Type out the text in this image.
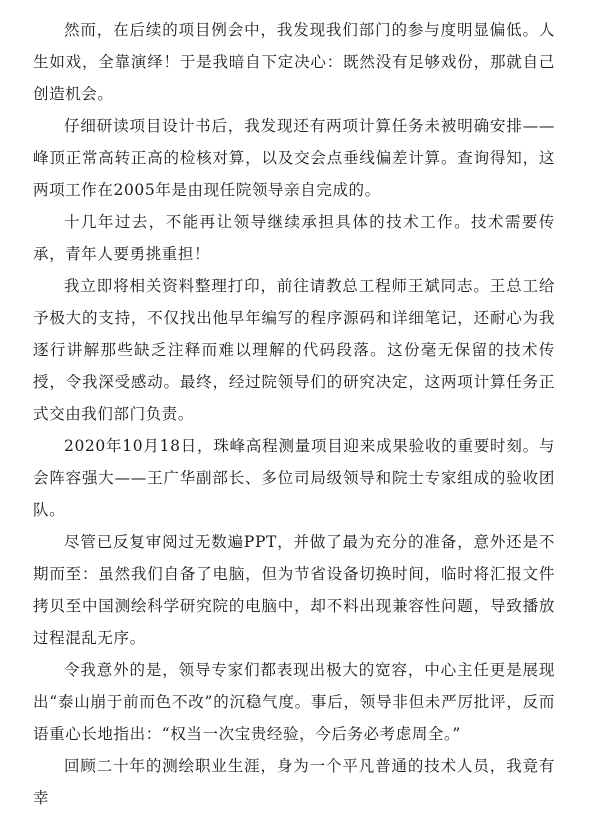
然而，在后续的项目例会中，我发现我们部门的参与度明显偏低。人生如戏，全靠演绎！于是我暗自下定决心：既然没有足够戏份，那就自己创造机会。

仔细研读项目设计书后，我发现还有两项计算任务未被明确安排——峰顶正常高转正高的检核对算，以及交会点垂线偏差计算。查询得知，这两项工作在2005年是由现任院领导亲自完成的。

十几年过去，不能再让领导继续承担具体的技术工作。技术需要传承，青年人要勇挑重担！

我立即将相关资料整理打印，前往请教总工程师王斌同志。王总工给予极大的支持，不仅找出他早年编写的程序源码和详细笔记，还耐心为我逐行讲解那些缺乏注释而难以理解的代码段落。这份毫无保留的技术传授，令我深受感动。最终，经过院领导们的研究决定，这两项计算任务正式交由我们部门负责。

2020年10月18日，珠峰高程测量项目迎来成果验收的重要时刻。与会阵容强大——王广华副部长、多位司局级领导和院士专家组成的验收团队。

尽管已反复审阅过无数遍PPT，并做了最为充分的准备，意外还是不期而至：虽然我们自备了电脑，但为节省设备切换时间，临时将汇报文件拷贝至中国测绘科学研究院的电脑中，却不料出现兼容性问题，导致播放过程混乱无序。

令我意外的是，领导专家们都表现出极大的宽容，中心主任更是展现出“泰山崩于前而色不改”的沉稳气度。事后，领导非但未严厉批评，反而语重心长地指出：“权当一次宝贵经验，今后务必考虑周全。”

回顾二十年的测绘职业生涯，身为一个平凡普通的技术人员，我竟有幸
